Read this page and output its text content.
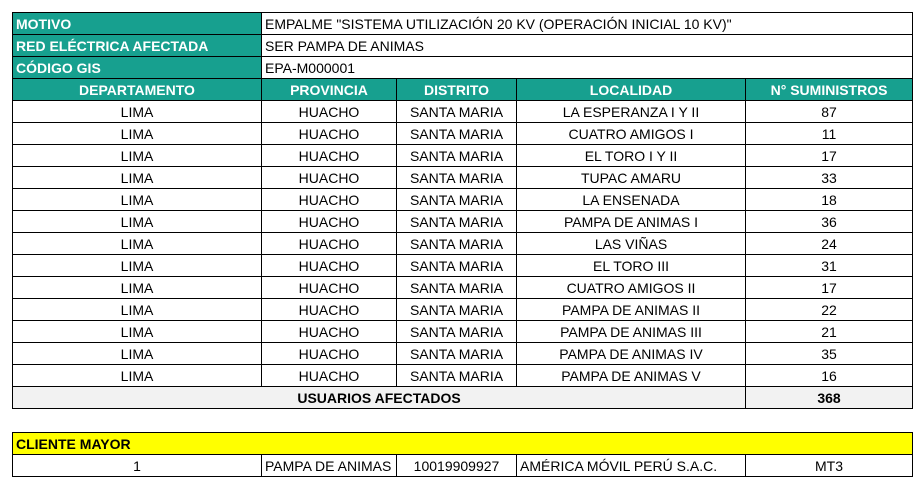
MOTIVO	EMPALME "SISTEMA UTILIZACIÓN 20 KV (OPERACIÓN INICIAL 10 KV)"			
RED ELÉCTRICA AFECTADA	SER PAMPA DE ANIMAS			
CÓDIGO GIS	EPA-M000001			
DEPARTAMENTO	PROVINCIA	DISTRITO	LOCALIDAD	N° SUMINISTROS
LIMA	HUACHO	SANTA MARIA	LA ESPERANZA I Y II	87
LIMA	HUACHO	SANTA MARIA	CUATRO AMIGOS I	11
LIMA	HUACHO	SANTA MARIA	EL TORO I Y II	17
LIMA	HUACHO	SANTA MARIA	TUPAC AMARU	33
LIMA	HUACHO	SANTA MARIA	LA ENSENADA	18
LIMA	HUACHO	SANTA MARIA	PAMPA DE ANIMAS I	36
LIMA	HUACHO	SANTA MARIA	LAS VIÑAS	24
LIMA	HUACHO	SANTA MARIA	EL TORO III	31
LIMA	HUACHO	SANTA MARIA	CUATRO AMIGOS II	17
LIMA	HUACHO	SANTA MARIA	PAMPA DE ANIMAS II	22
LIMA	HUACHO	SANTA MARIA	PAMPA DE ANIMAS III	21
LIMA	HUACHO	SANTA MARIA	PAMPA DE ANIMAS IV	35
LIMA	HUACHO	SANTA MARIA	PAMPA DE ANIMAS V	16
USUARIOS AFECTADOS				368
CLIENTE MAYOR
1	PAMPA DE ANIMAS	10019909927	AMÉRICA MÓVIL PERÚ S.A.C.	MT3
